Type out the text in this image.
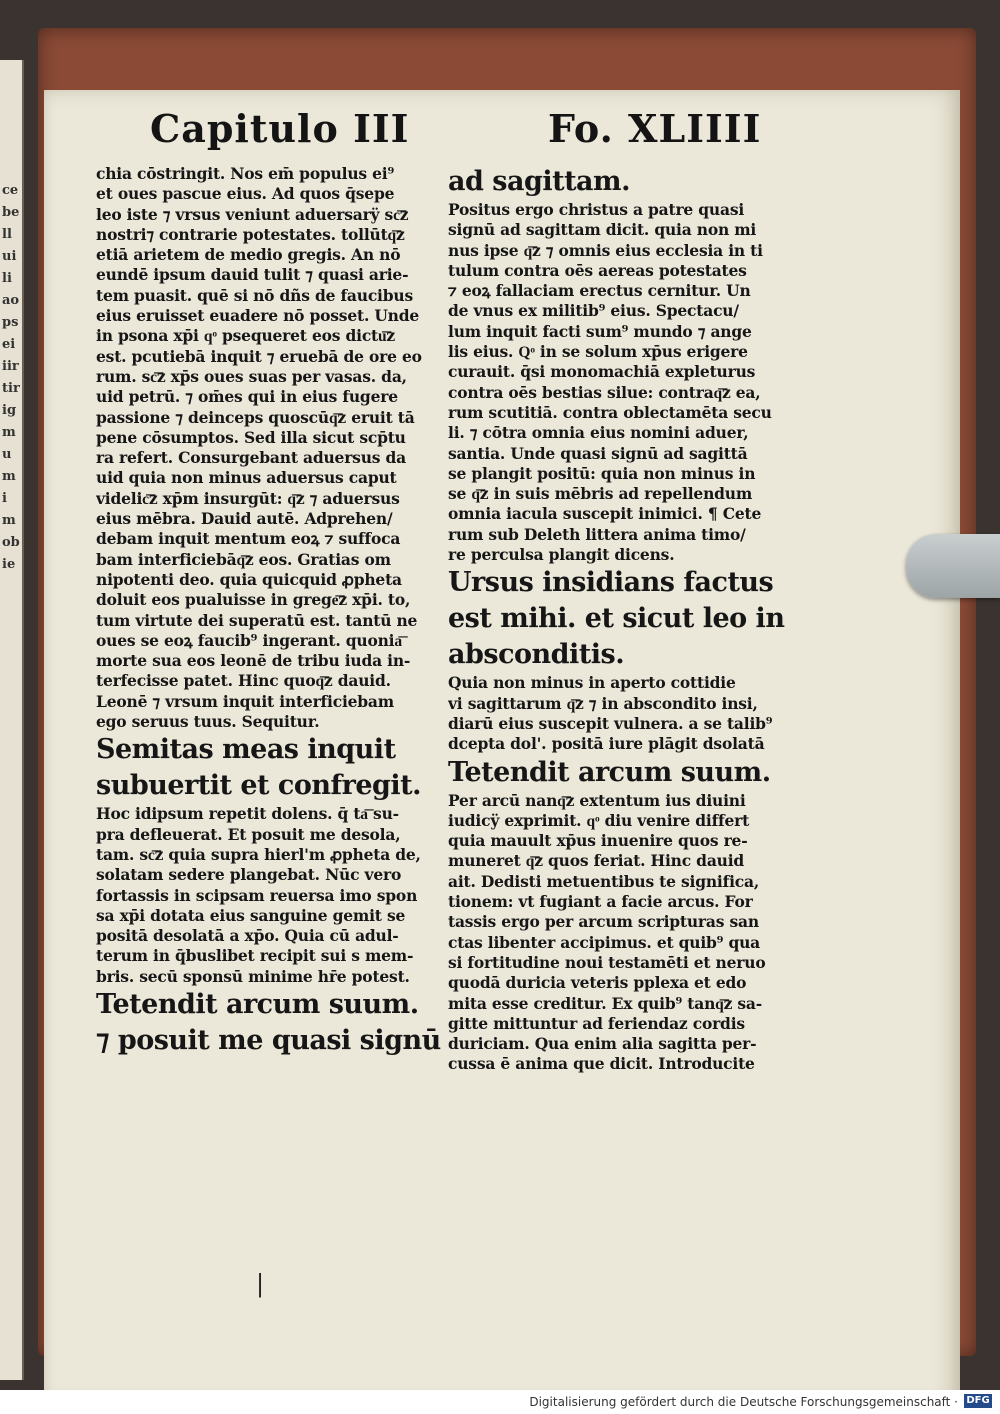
cebelluiliaopseiiirtirigmumimobie
Capitulo III	Fo. XLIIII
chia cōstringit. Nos em̄ populus ei⁹
et oues pascue eius. Ad quos q̄sepe
leo iste ⁊ vrsus veniunt aduersarÿ sc͞z
nostri⁊ contrarie potestates. tollūtq͞z
etiā arietem de medio gregis. An nō
eundē ipsum dauid tulit ⁊ quasi arie-
tem puasit. quē si nō dñs de faucibus
eius eruisset euadere nō posset. Unde
in psona xp̄i qͦ psequeret eos dictu͞z
est. pcutiebā inquit ⁊ eruebā de ore eo
rum. sc͞z xp̄s oues suas per vasas. da,
uid petrū. ⁊ om̄es qui in eius fugere
passione ⁊ deinceps quoscūq͞z eruit tā
pene cōsumptos. Sed illa sicut scp̄tu
ra refert. Consurgebant aduersus da
uid quia non minus aduersus caput
videlic͞z xp̄m insurgūt: q͞z ⁊ aduersus
eius mēbra. Dauid autē. Adprehen/
debam inquit mentum eoꝝ ⁊ suffoca
bam interficiebāq͞z eos. Gratias om
nipotenti deo. quia quicquid ꝓpheta
doluit eos pualuisse in grege͞z xp̄i. to,
tum virtute dei superatū est. tantū ne
oues se eoꝝ faucib⁹ ingerant. quonia͞
morte sua eos leonē de tribu iuda in-
terfecisse patet. Hinc quoq͞z dauid.
Leonē ⁊ vrsum inquit interficiebam
ego seruus tuus. Sequitur.
Semitas meas inquit
subuertit et confregit.
Hoc idipsum repetit dolens. q̄ ta͞ su-
pra defleuerat. Et posuit me desola,
tam. sc͞z quia supra hierl'm ꝓpheta de,
solatam sedere plangebat. Nūc vero
fortassis in scipsam reuersa imo spon
sa xp̄i dotata eius sanguine gemit se
positā desolatā a xp̄o. Quia cū adul-
terum in q̄buslibet recipit sui s mem-
bris. secū sponsū minime hr̄e potest.
Tetendit arcum suum.
⁊ posuit me quasi signū
ad sagittam.
Positus ergo christus a patre quasi
signū ad sagittam dicit. quia non mi
nus ipse q͞z ⁊ omnis eius ecclesia in ti
tulum contra oēs aereas potestates
⁊ eoꝝ fallaciam erectus cernitur. Un
de vnus ex militib⁹ eius. Spectacu/
lum inquit facti sum⁹ mundo ⁊ ange
lis eius. Qͦ in se solum xp̄us erigere
curauit. q̄si monomachiā expleturus
contra oēs bestias silue: contraq͞z ea,
rum scutitiā. contra oblectamēta secu
li. ⁊ cōtra omnia eius nomini aduer,
santia. Unde quasi signū ad sagittā
se plangit positū: quia non minus in
se q͞z in suis mēbris ad repellendum
omnia iacula suscepit inimici. ¶ Cete
rum sub Deleth littera anima timo/
re perculsa plangit dicens.
Ursus insidians factus
est mihi. et sicut leo in
absconditis.
Quia non minus in aperto cottidie
vi sagittarum q͞z ⁊ in abscondito insi,
diarū eius suscepit vulnera. a se talib⁹
dcepta dol'. positā iure plāgit dsolatā
Tetendit arcum suum.
Per arcū nanq͞z extentum ius diuini
iudicÿ exprimit. qͦ diu venire differt
quia mauult xp̄us inuenire quos re-
muneret q͞z quos feriat. Hinc dauid
ait. Dedisti metuentibus te significa,
tionem: vt fugiant a facie arcus. For
tassis ergo per arcum scripturas san
ctas libenter accipimus. et quib⁹ qua
si fortitudine noui testamēti et neruo
quodā duricia veteris pplexa et edo
mita esse creditur. Ex quib⁹ tanq͞z sa-
gitte mittuntur ad feriendaz cordis
duriciam. Qua enim alia sagitta per-
cussa ē anima que dicit. Introducite
|
Digitalisierung gefördert durch die Deutsche Forschungsgemeinschaft · DFG
